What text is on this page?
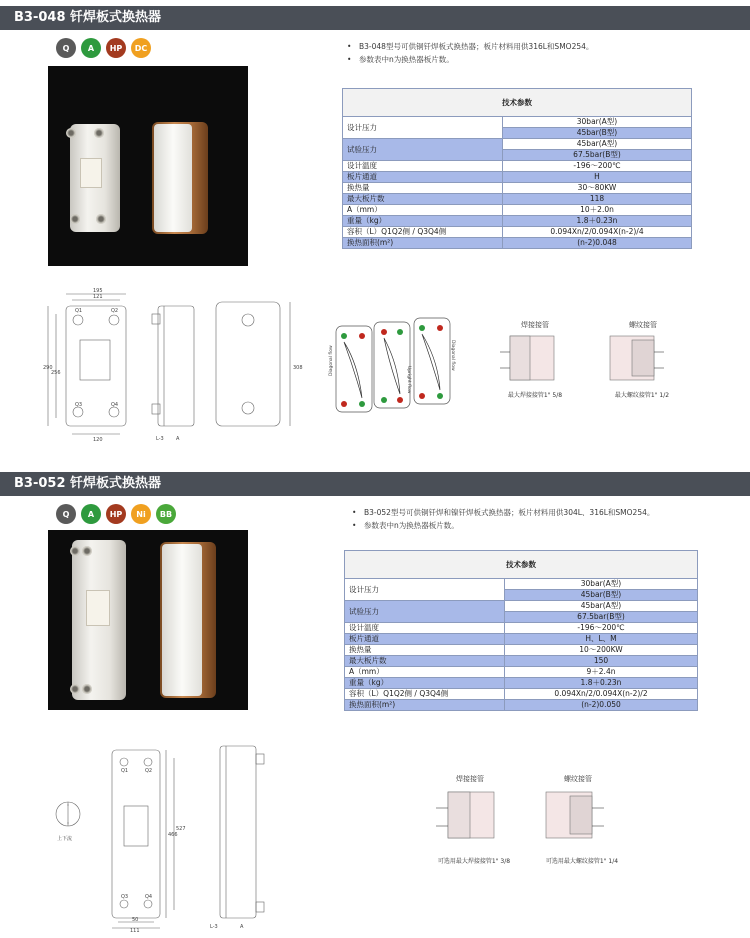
B3-048 钎焊板式换热器
Q	A	HP	DC	• B3-048型号可供铜钎焊板式换热器；板片材料用供316L和SMO254。
• 参数表中n为换热器板片数。
技术参数	
设计压力	30bar(A型)
	45bar(B型)
试验压力	45bar(A型)
	67.5bar(B型)
设计温度	-196～200℃
板片通道	H
换热量	30～80KW
最大板片数	118
A（mm）	10＋2.0n
重量（kg）	1.8＋0.23n
容积（L）Q1Q2侧 / Q3Q4侧	0.094Xn/2/0.094X(n-2)/4
换热面积(m²)	(n-2)0.048
195
121
120
290
256
308
Q1	Q2
Q3	Q4
L-3 A
Diagonal flow
Upright flow
Diagonal flow
焊接接管
最大焊接接管1" 5/8
螺纹接管
最大螺纹接管1" 1/2
B3-052 钎焊板式换热器
Q	A	HP	Ni	BB	• B3-052型号可供铜钎焊和镍钎焊板式换热器；板片材料用供304L、316L和SMO254。
• 参数表中n为换热器板片数。
技术参数	
设计压力	30bar(A型)
	45bar(B型)
试验压力	45bar(A型)
	67.5bar(B型)
设计温度	-196～200℃
板片通道	H、L、M
换热量	10～200KW
最大板片数	150
A（mm）	9＋2.4n
重量（kg）	1.8＋0.23n
容积（L）Q1Q2侧 / Q3Q4侧	0.094Xn/2/0.094X(n-2)/2
换热面积(m²)	(n-2)0.050
上下流
466
527
50
111
Q1	Q2
Q3	Q4
L-3	A
焊接接管
可选用最大焊接接管1" 3/8
螺纹接管
可选用最大螺纹接管1" 1/4
